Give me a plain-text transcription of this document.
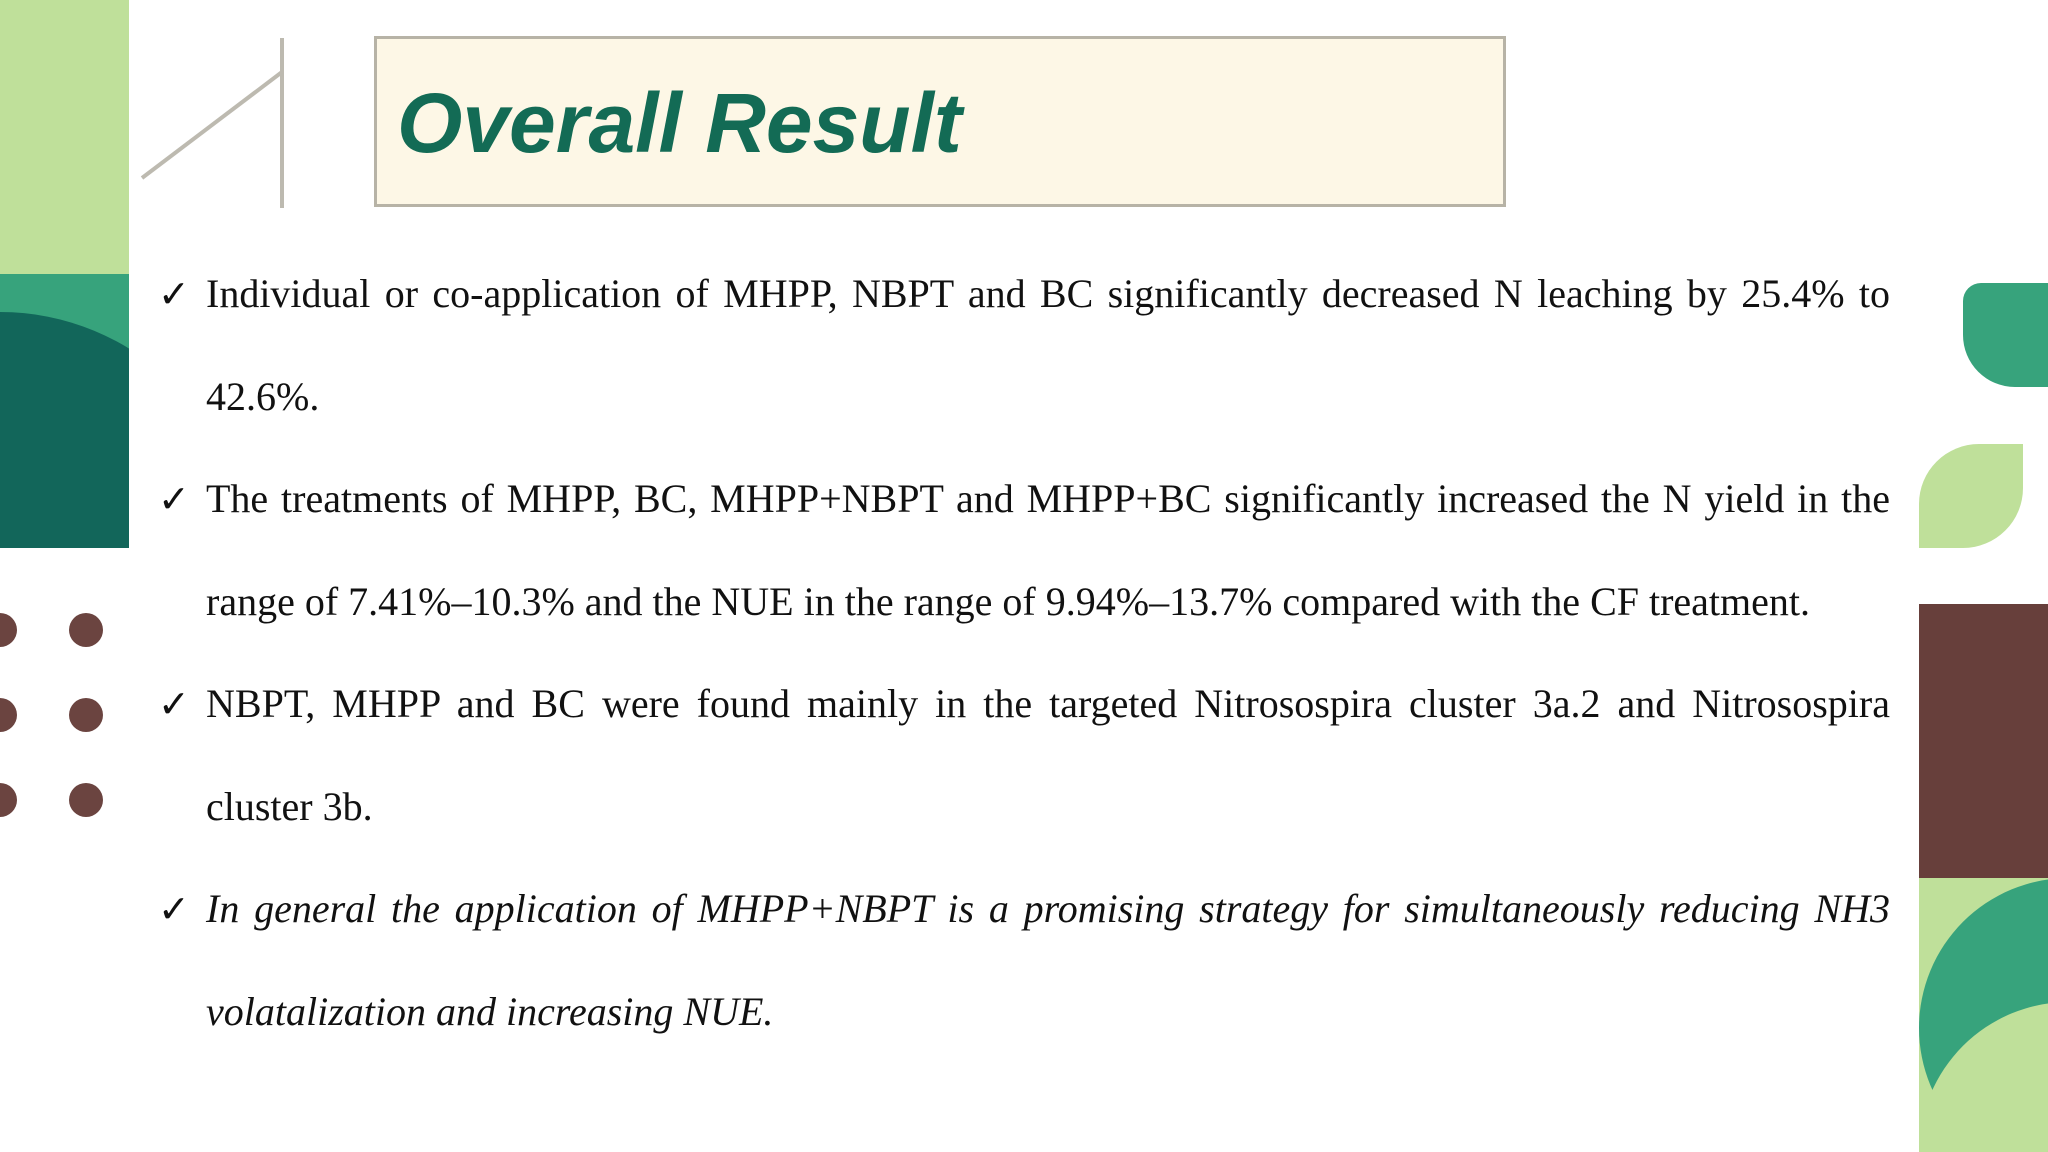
Overall Result
✓ Individual or co-application of MHPP, NBPT and BC significantly decreased N leaching by 25.4% to 42.6%.
✓ The treatments of MHPP, BC, MHPP+NBPT and MHPP+BC significantly increased the N yield in the range of 7.41%–10.3% and the NUE in the range of 9.94%–13.7% compared with the CF treatment.
✓ NBPT, MHPP and BC were found mainly in the targeted Nitrosospira cluster 3a.2 and Nitrosospira cluster 3b.
✓ In general the application of MHPP+NBPT is a promising strategy for simultaneously reducing NH3 volatalization and increasing NUE.
